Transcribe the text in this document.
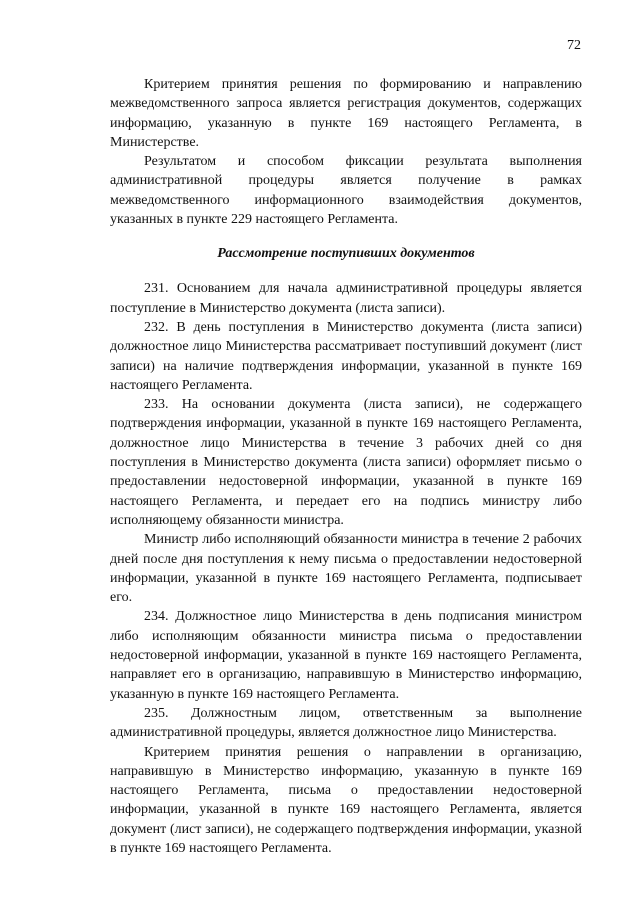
72

Критерием принятия решения по формированию и направлению межведомственного запроса является регистрация документов, содержащих информацию, указанную в пункте 169 настоящего Регламента, в Министерстве.

Результатом и способом фиксации результата выполнения административной процедуры является получение в рамках межведомственного информационного взаимодействия документов, указанных в пункте 229 настоящего Регламента.

Рассмотрение поступивших документов

231. Основанием для начала административной процедуры является поступление в Министерство документа (листа записи).

232. В день поступления в Министерство документа (листа записи) должностное лицо Министерства рассматривает поступивший документ (лист записи) на наличие подтверждения информации, указанной в пункте 169 настоящего Регламента.

233. На основании документа (листа записи), не содержащего подтверждения информации, указанной в пункте 169 настоящего Регламента, должностное лицо Министерства в течение 3 рабочих дней со дня поступления в Министерство документа (листа записи) оформляет письмо о предоставлении недостоверной информации, указанной в пункте 169 настоящего Регламента, и передает его на подпись министру либо исполняющему обязанности министра.

Министр либо исполняющий обязанности министра в течение 2 рабочих дней после дня поступления к нему письма о предоставлении недостоверной информации, указанной в пункте 169 настоящего Регламента, подписывает его.

234. Должностное лицо Министерства в день подписания министром либо исполняющим обязанности министра письма о предоставлении недостоверной информации, указанной в пункте 169 настоящего Регламента, направляет его в организацию, направившую в Министерство информацию, указанную в пункте 169 настоящего Регламента.

235. Должностным лицом, ответственным за выполнение административной процедуры, является должностное лицо Министерства.

Критерием принятия решения о направлении в организацию, направившую в Министерство информацию, указанную в пункте 169 настоящего Регламента, письма о предоставлении недостоверной информации, указанной в пункте 169 настоящего Регламента, является документ (лист записи), не содержащего подтверждения информации, указной в пункте 169 настоящего Регламента.
